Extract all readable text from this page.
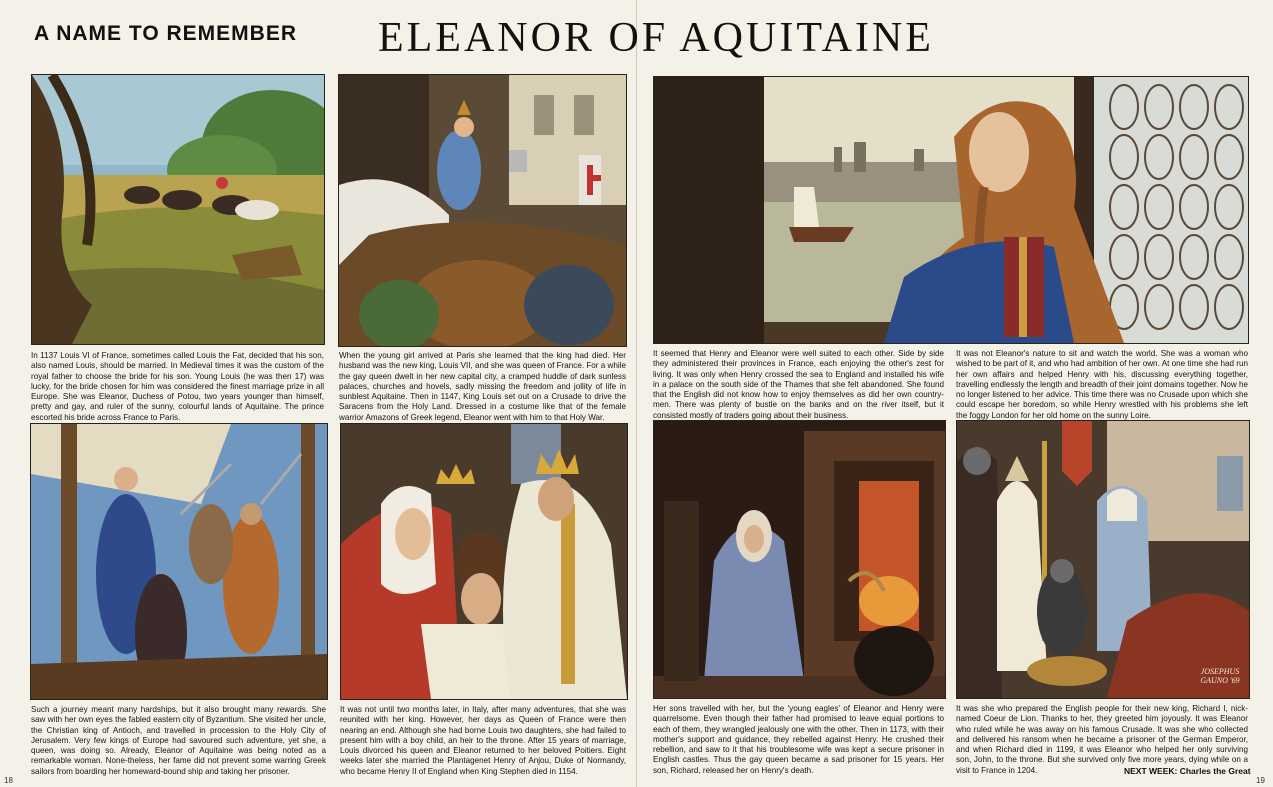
A NAME TO REMEMBER ELEANOR OF AQUITAINE
JOSEPHUS GAUNO '69

In 1137 Louis VI of France, sometimes called Louis the Fat, decided that his son, also named Louis, should be married. In Medieval times it was the custom of the royal father to choose the bride for his son. Young Louis (he was then 17) was lucky, for the bride chosen for him was considered the finest marriage prize in all Europe. She was Eleanor, Duchess of Potou, two years younger than himself, pretty and gay, and ruler of the sunny, colourful lands of Aquitaine. The prince escorted his bride across France to Paris.

When the young girl arrived at Paris she learned that the king had died. Her husband was the new king, Louis VII, and she was queen of France. For a while the gay queen dwelt in her new capital city, a cramped huddle of dark sunless palaces, churches and hovels, sadly missing the freedom and jollity of life in sunblest Aquitaine. Then in 1147, King Louis set out on a Crusade to drive the Saracens from the Holy Land. Dressed in a costume like that of the female warrior Amazons of Greek legend, Eleanor went with him to that Holy War.

It seemed that Henry and Eleanor were well suited to each other. Side by side they administered their provinces in France, each enjoying the other's zest for living. It was only when Henry crossed the sea to England and installed his wife in a palace on the south side of the Thames that she felt abandoned. She found that the English did not know how to enjoy themselves as did her own country-men. There was plenty of bustle on the banks and on the river itself, but it consisted mostly of traders going about their business.

It was not Eleanor's nature to sit and watch the world. She was a woman who wished to be part of it, and who had ambition of her own. At one time she had run her own affairs and helped Henry with his, discussing everything together, travelling endlessly the length and breadth of their joint domains together. Now he no longer listened to her advice. This time there was no Crusade upon which she could escape her boredom, so while Henry wrestled with his problems she left the foggy London for her old home on the sunny Loire.

Such a journey meant many hardships, but it also brought many rewards. She saw with her own eyes the fabled eastern city of Byzantium. She visited her uncle, the Christian king of Antioch, and travelled in procession to the Holy City of Jerusalem. Very few kings of Europe had savoured such adventure, yet she, a queen, was doing so. Already, Eleanor of Aquitaine was being noted as a remarkable woman. None-theless, her fame did not prevent some warring Greek sailors from boarding her homeward-bound ship and taking her prisoner.

It was not until two months later, in Italy, after many adventures, that she was reunited with her king. However, her days as Queen of France were then nearing an end. Although she had borne Louis two daughters, she had failed to present him with a boy child, an heir to the throne. After 15 years of marriage, Louis divorced his queen and Eleanor returned to her beloved Poitiers. Eight weeks later she married the Plantagenet Henry of Anjou, Duke of Normandy, who became Henry II of England when King Stephen died in 1154.

Her sons travelled with her, but the 'young eagles' of Eleanor and Henry were quarrelsome. Even though their father had promised to leave equal portions to each of them, they wrangled jealously one with the other. Then in 1173, with their mother's support and guidance, they rebelled against Henry. He crushed their rebellion, and saw to it that his troublesome wife was kept a secure prisoner in English castles. Thus the gay queen became a sad prisoner for 15 years. Her son, Richard, released her on Henry's death.

It was she who prepared the English people for their new king, Richard I, nick-named Coeur de Lion. Thanks to her, they greeted him joyously. It was Eleanor who ruled while he was away on his famous Crusade. It was she who collected and delivered his ransom when he became a prisoner of the German Emperor, and when Richard died in 1199, it was Eleanor who helped her only surviving son, John, to the throne. But she survived only five more years, dying while on a visit to France in 1204.

18	19
NEXT WEEK: Charles the Great
